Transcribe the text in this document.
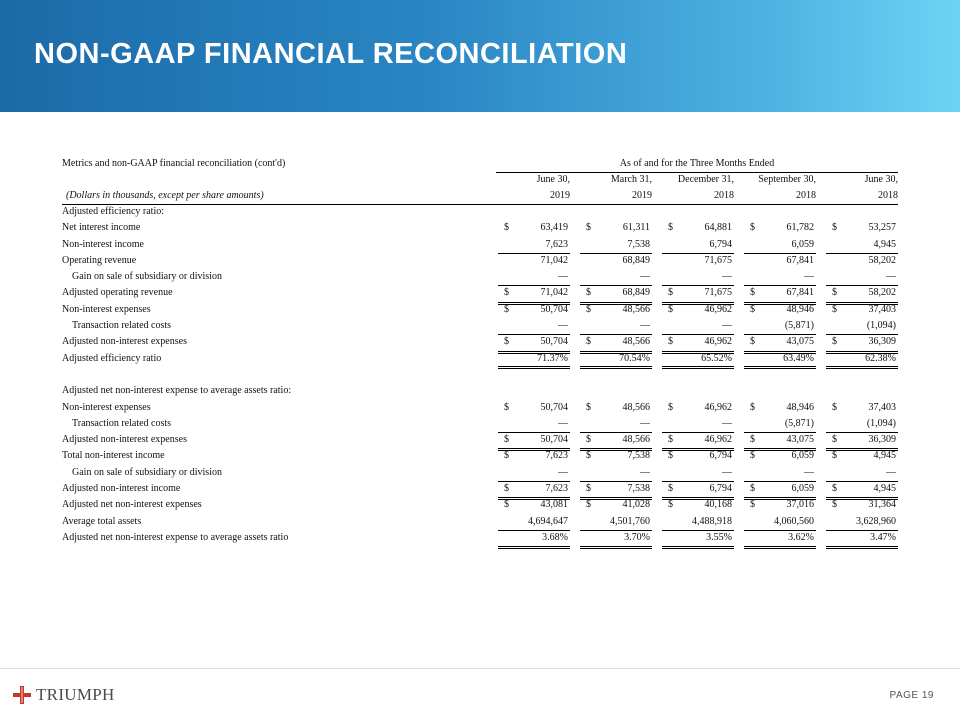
NON-GAAP FINANCIAL RECONCILIATION
Metrics and non-GAAP financial reconciliation (cont'd)	As of and for the Three Months Ended
June 30,	March 31,	December 31,	September 30,	June 30,
(Dollars in thousands, except per share amounts)	2019	2019	2018	2018	2018
Adjusted efficiency ratio:
Net interest income	$	63,419 $	61,311 $	64,881 $	61,782 $	53,257
Non-interest income	7,623	7,538	6,794	6,059	4,945
Operating revenue	71,042	68,849	71,675	67,841	58,202
Gain on sale of subsidiary or division	—	—	—	—	—
Adjusted operating revenue	$	71,042 $	68,849 $	71,675 $	67,841 $	58,202
Non-interest expenses	$	50,704 $	48,566 $	46,962 $	48,946 $	37,403
Transaction related costs	—	—	—	(5,871)	(1,094)
Adjusted non-interest expenses	$	50,704 $	48,566 $	46,962 $	43,075 $	36,309
Adjusted efficiency ratio	71.37%	70.54%	65.52%	63.49%	62.38%
Adjusted net non-interest expense to average assets ratio:
Non-interest expenses	$	50,704 $	48,566 $	46,962 $	48,946 $	37,403
Transaction related costs	—	—	—	(5,871)	(1,094)
Adjusted non-interest expenses	$	50,704 $	48,566 $	46,962 $	43,075 $	36,309
Total non-interest income	$	7,623 $	7,538 $	6,794 $	6,059 $	4,945
Gain on sale of subsidiary or division	—	—	—	—	—
Adjusted non-interest income	$	7,623 $	7,538 $	6,794 $	6,059 $	4,945
Adjusted net non-interest expenses	$	43,081 $	41,028 $	40,168 $	37,016 $	31,364
Average total assets	4,694,647	4,501,760	4,488,918	4,060,560	3,628,960
Adjusted net non-interest expense to average assets ratio	3.68%	3.70%	3.55%	3.62%	3.47%
TRIUMPH	PAGE 19
